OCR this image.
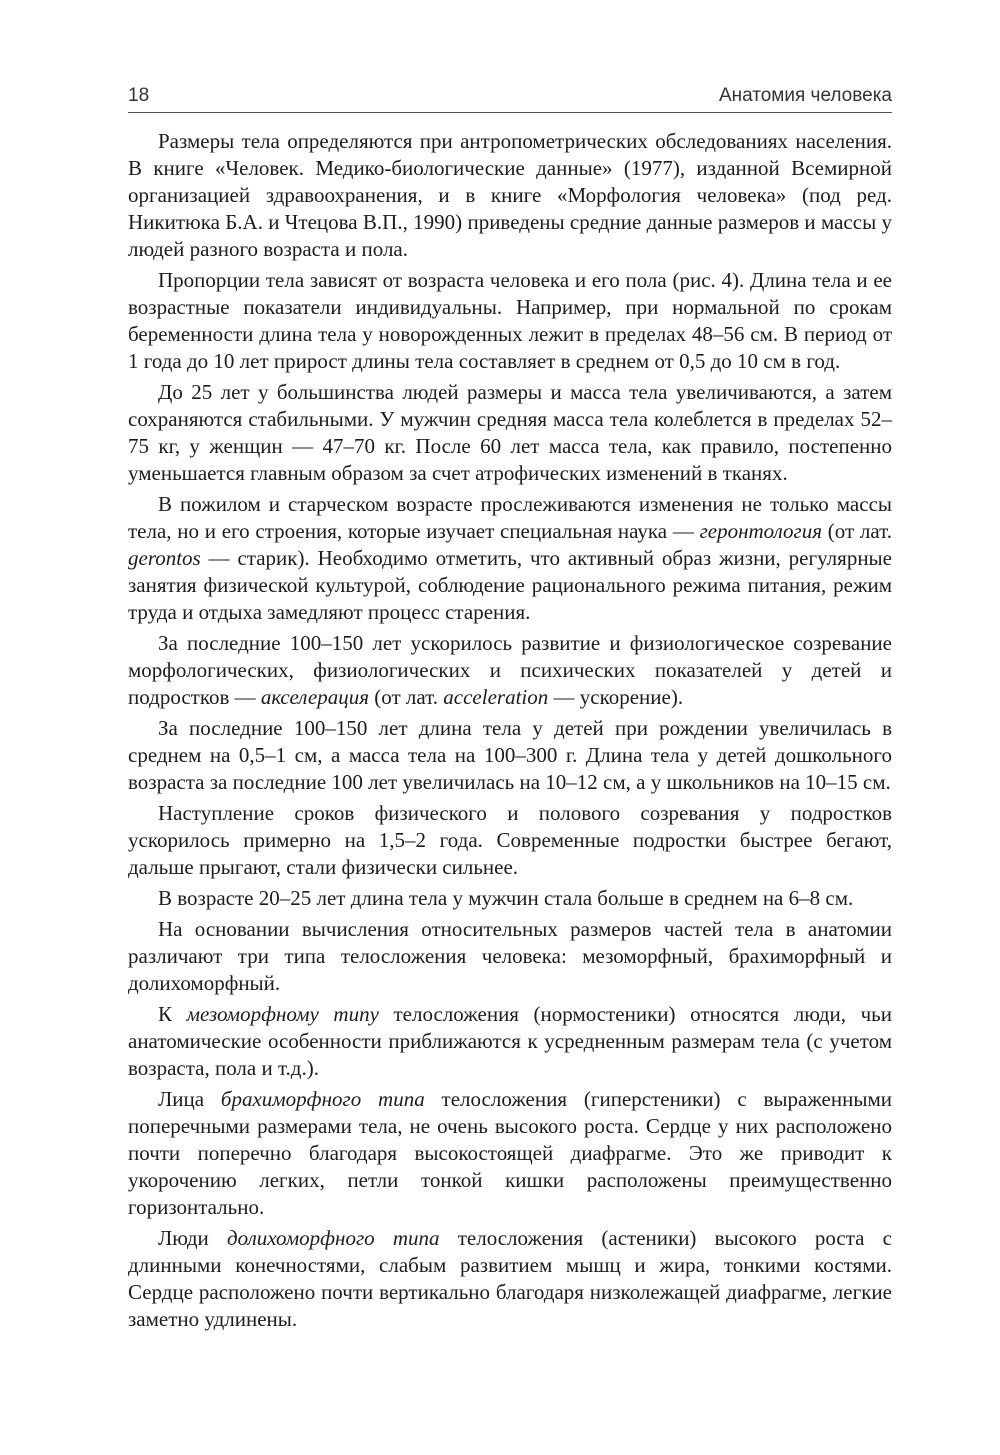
18	Анатомия человека

Размеры тела определяются при антропометрических обследованиях населения. В книге «Человек. Медико-биологические данные» (1977), изданной Всемирной организацией здравоохранения, и в книге «Морфология человека» (под ред. Никитюка Б.А. и Чтецова В.П., 1990) приведены средние данные размеров и массы у людей разного возраста и пола.

Пропорции тела зависят от возраста человека и его пола (рис. 4). Длина тела и ее возрастные показатели индивидуальны. Например, при нормальной по срокам беременности длина тела у новорожденных лежит в пределах 48–56 см. В период от 1 года до 10 лет прирост длины тела составляет в среднем от 0,5 до 10 см в год.

До 25 лет у большинства людей размеры и масса тела увеличиваются, а затем сохраняются стабильными. У мужчин средняя масса тела колеблется в пределах 52–75 кг, у женщин — 47–70 кг. После 60 лет масса тела, как правило, постепенно уменьшается главным образом за счет атрофических изменений в тканях.

В пожилом и старческом возрасте прослеживаются изменения не только массы тела, но и его строения, которые изучает специальная наука — геронтология (от лат. gerontos — старик). Необходимо отметить, что активный образ жизни, регулярные занятия физической культурой, соблюдение рационального режима питания, режим труда и отдыха замедляют процесс старения.

За последние 100–150 лет ускорилось развитие и физиологическое созревание морфологических, физиологических и психических показателей у детей и подростков — акселерация (от лат. acceleration — ускорение).

За последние 100–150 лет длина тела у детей при рождении увеличилась в среднем на 0,5–1 см, а масса тела на 100–300 г. Длина тела у детей дошкольного возраста за последние 100 лет увеличилась на 10–12 см, а у школьников на 10–15 см.

Наступление сроков физического и полового созревания у подростков ускорилось примерно на 1,5–2 года. Современные подростки быстрее бегают, дальше прыгают, стали физически сильнее.

В возрасте 20–25 лет длина тела у мужчин стала больше в среднем на 6–8 см.

На основании вычисления относительных размеров частей тела в анатомии различают три типа телосложения человека: мезоморфный, брахиморфный и долихоморфный.

К мезоморфному типу телосложения (нормостеники) относятся люди, чьи анатомические особенности приближаются к усредненным размерам тела (с учетом возраста, пола и т.д.).

Лица брахиморфного типа телосложения (гиперстеники) с выраженными поперечными размерами тела, не очень высокого роста. Сердце у них расположено почти поперечно благодаря высокостоящей диафрагме. Это же приводит к укорочению легких, петли тонкой кишки расположены преимущественно горизонтально.

Люди долихоморфного типа телосложения (астеники) высокого роста с длинными конечностями, слабым развитием мышц и жира, тонкими костями. Сердце расположено почти вертикально благодаря низколежащей диафрагме, легкие заметно удлинены.
